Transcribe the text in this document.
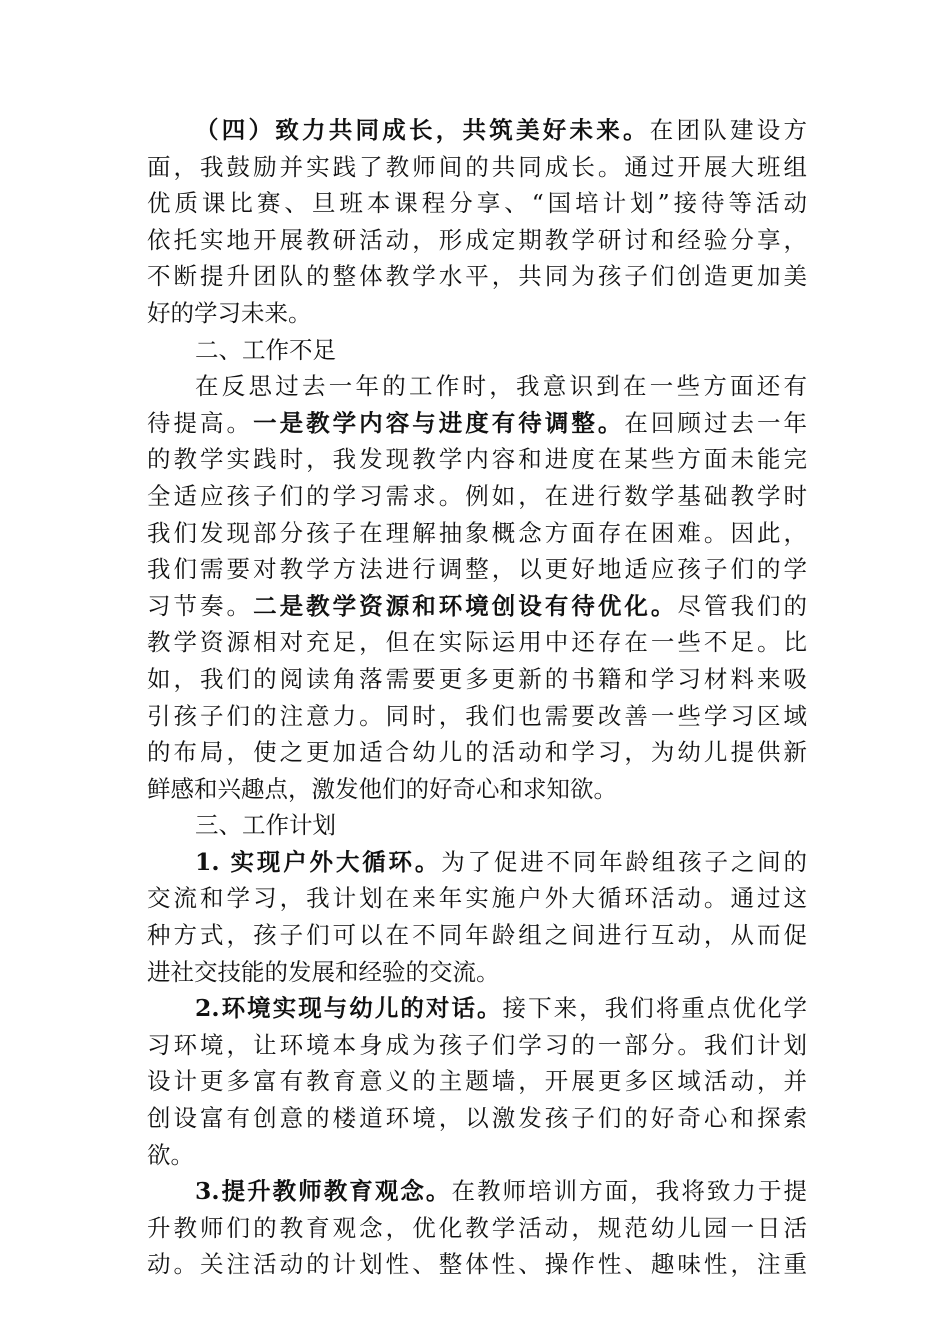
（四）致力共同成长，共筑美好未来。在团队建设方
面，我鼓励并实践了教师间的共同成长。通过开展大班组
优质课比赛、旦班本课程分享、“国培计划”接待等活动
依托实地开展教研活动，形成定期教学研讨和经验分享，
不断提升团队的整体教学水平，共同为孩子们创造更加美
好的学习未来。
二、工作不足
在反思过去一年的工作时，我意识到在一些方面还有
待提高。一是教学内容与进度有待调整。在回顾过去一年
的教学实践时，我发现教学内容和进度在某些方面未能完
全适应孩子们的学习需求。例如，在进行数学基础教学时
我们发现部分孩子在理解抽象概念方面存在困难。因此，
我们需要对教学方法进行调整，以更好地适应孩子们的学
习节奏。二是教学资源和环境创设有待优化。尽管我们的
教学资源相对充足，但在实际运用中还存在一些不足。比
如，我们的阅读角落需要更多更新的书籍和学习材料来吸
引孩子们的注意力。同时，我们也需要改善一些学习区域
的布局，使之更加适合幼儿的活动和学习，为幼儿提供新
鲜感和兴趣点，激发他们的好奇心和求知欲。
三、工作计划
1. 实现户外大循环。为了促进不同年龄组孩子之间的
交流和学习，我计划在来年实施户外大循环活动。通过这
种方式，孩子们可以在不同年龄组之间进行互动，从而促
进社交技能的发展和经验的交流。
2.环境实现与幼儿的对话。接下来，我们将重点优化学
习环境，让环境本身成为孩子们学习的一部分。我们计划
设计更多富有教育意义的主题墙，开展更多区域活动，并
创设富有创意的楼道环境，以激发孩子们的好奇心和探索
欲。
3.提升教师教育观念。在教师培训方面，我将致力于提
升教师们的教育观念，优化教学活动，规范幼儿园一日活
动。关注活动的计划性、整体性、操作性、趣味性，注重
